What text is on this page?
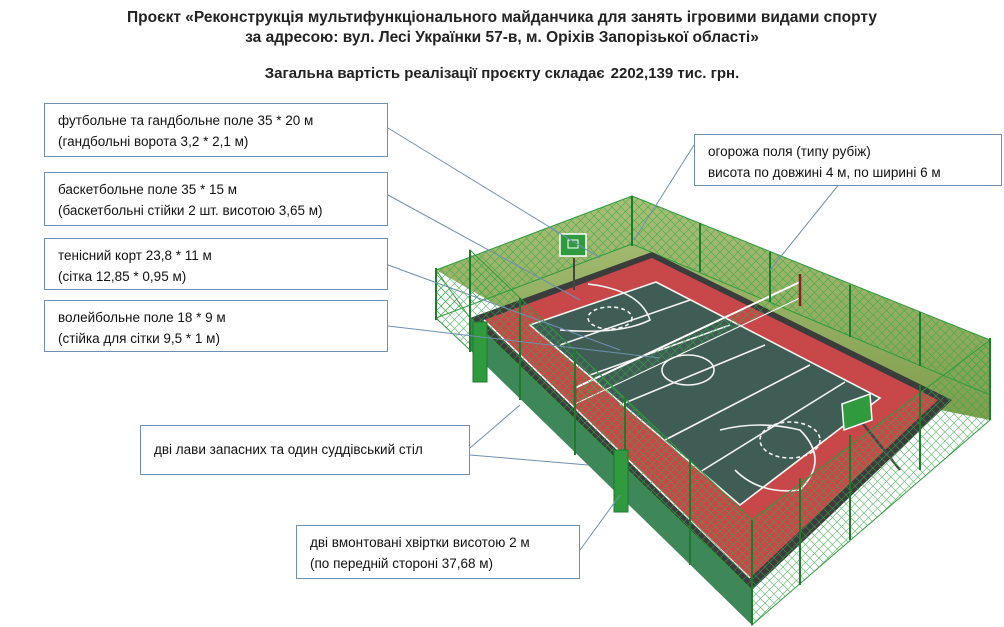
Проєкт «Реконструкція мультифункціонального майданчика для занять ігровими видами спорту
за адресою: вул. Лесі Українки 57-в, м. Оріхів Запорізької області»
Загальна вартість реалізації проєкту складає 2202,139 тис. грн.
футбольне та гандбольне поле 35 * 20 м
(гандбольні ворота 3,2 * 2,1 м)
баскетбольне поле 35 * 15 м
(баскетбольні стійки 2 шт. висотою 3,65 м)
тенісний корт 23,8 * 11 м
(сітка 12,85 * 0,95 м)
волейбольне поле 18 * 9 м
(стійка для сітки 9,5 * 1 м)
дві лави запасних та один суддівський стіл
дві вмонтовані хвіртки висотою 2 м
(по передній стороні 37,68 м)
огорожа поля (типу рубіж)
висота по довжині 4 м, по ширині 6 м
